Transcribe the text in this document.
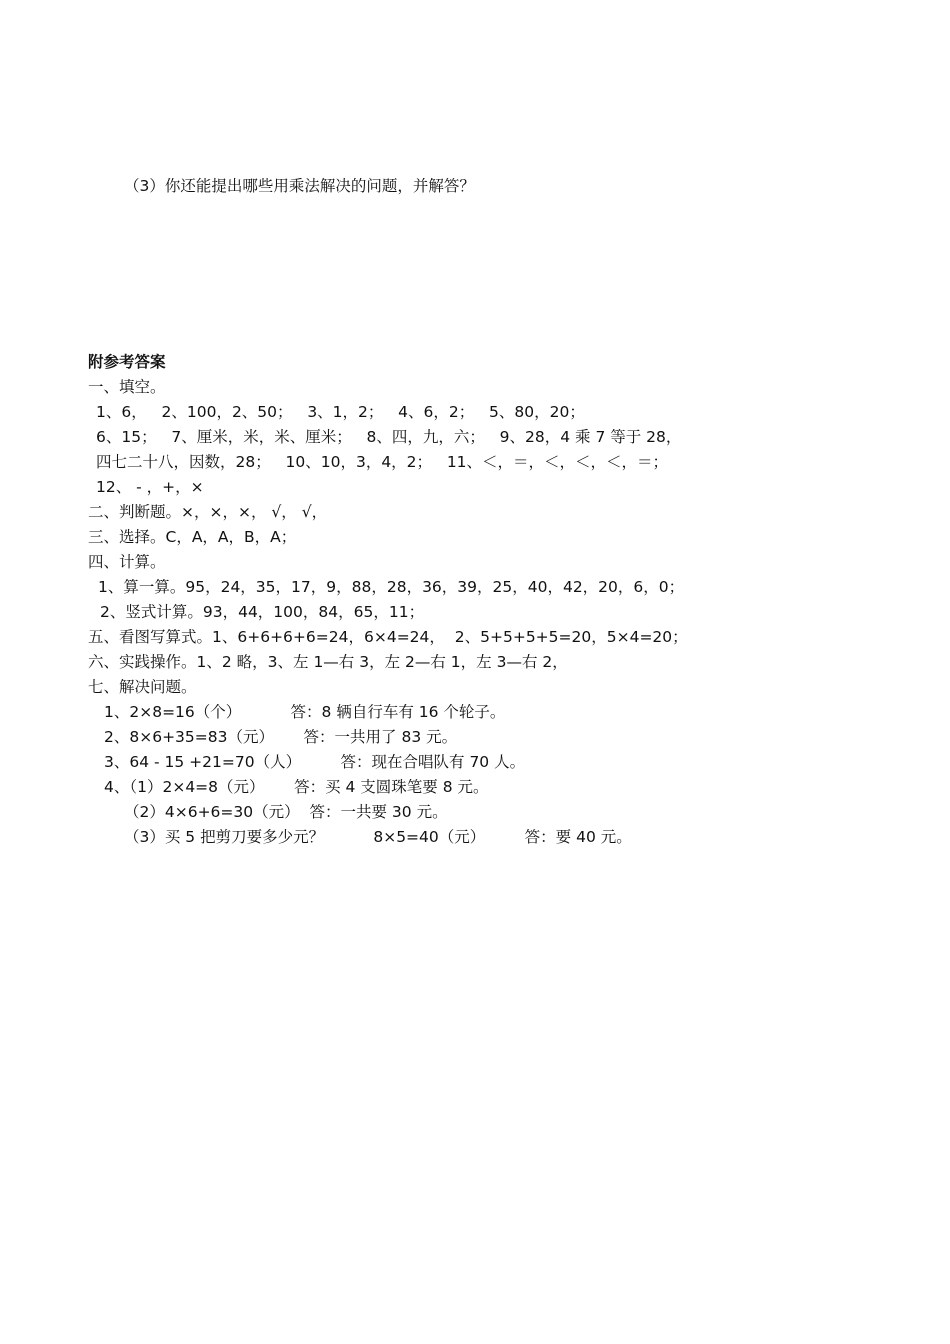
（3）你还能提出哪些用乘法解决的问题，并解答？
附参考答案
一、填空。
1、6，   2、100，2、50；   3、1，2；   4、6，2；   5、80，20；
6、15；   7、厘米，米，米、厘米；   8、四，九，六；   9、28，4 乘 7 等于 28，
四七二十八，因数，28；   10、10，3，4，2；   11、＜，＝，＜，＜，＜，＝；
12、 - ，+，×
二、判断题。×，×，×， √， √，
三、选择。C，A，A，B，A；
四、计算。
1、算一算。95，24，35，17，9，88，28，36，39，25，40，42，20，6，0；
2、竖式计算。93，44，100，84，65，11；
五、看图写算式。1、6+6+6+6=24，6×4=24，  2、5+5+5+5=20，5×4=20；
六、实践操作。1、2 略，3、左 1—右 3，左 2—右 1，左 3—右 2，
七、解决问题。
1、2×8=16（个）          答：8 辆自行车有 16 个轮子。
2、8×6+35=83（元）      答：一共用了 83 元。
3、64 - 15 +21=70（人）        答：现在合唱队有 70 人。
4、（1）2×4=8（元）      答：买 4 支圆珠笔要 8 元。
（2）4×6+6=30（元）  答：一共要 30 元。
（3）买 5 把剪刀要多少元？          8×5=40（元）        答：要 40 元。
